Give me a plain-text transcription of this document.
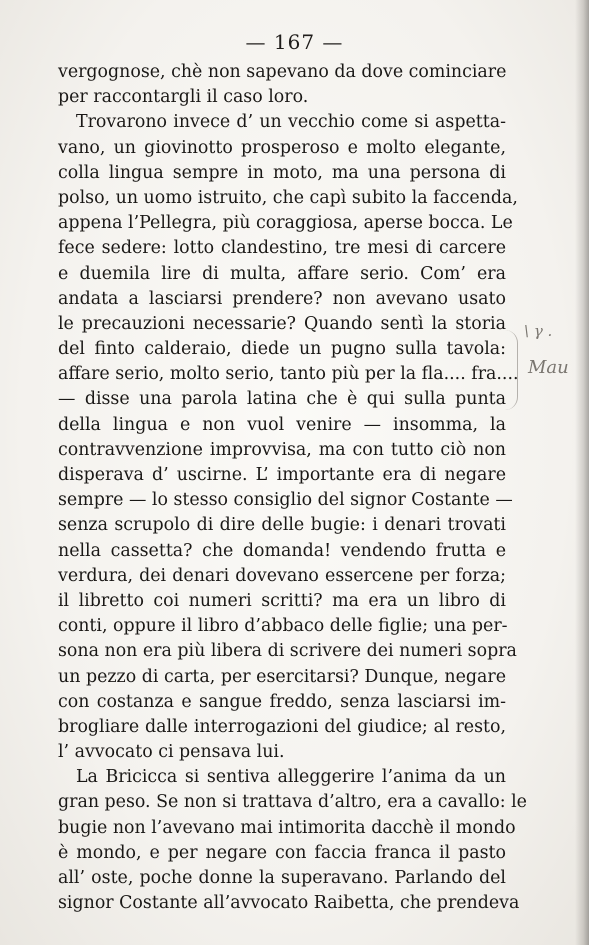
— 167 —
vergognose, chè non sapevano da dove cominciare
per raccontargli il caso loro.
Trovarono invece d’ un vecchio come si aspetta-
vano, un giovinotto prosperoso e molto elegante,
colla lingua sempre in moto, ma una persona di
polso, un uomo istruito, che capì subito la faccenda,
appena l’Pellegra, più coraggiosa, aperse bocca. Le
fece sedere: lotto clandestino, tre mesi di carcere
e duemila lire di multa, affare serio. Com’ era
andata a lasciarsi prendere? non avevano usato
le precauzioni necessarie? Quando sentì la storia
del finto calderaio, diede un pugno sulla tavola:
affare serio, molto serio, tanto più per la fla.... fra....
— disse una parola latina che è qui sulla punta
della lingua e non vuol venire — insomma, la
contravvenzione improvvisa, ma con tutto ciò non
disperava d’ uscirne. L’ importante era di negare
sempre — lo stesso consiglio del signor Costante —
senza scrupolo di dire delle bugie: i denari trovati
nella cassetta? che domanda! vendendo frutta e
verdura, dei denari dovevano essercene per forza;
il libretto coi numeri scritti? ma era un libro di
conti, oppure il libro d’abbaco delle figlie; una per-
sona non era più libera di scrivere dei numeri sopra
un pezzo di carta, per esercitarsi? Dunque, negare
con costanza e sangue freddo, senza lasciarsi im-
brogliare dalle interrogazioni del giudice; al resto,
l’ avvocato ci pensava lui.
La Bricicca si sentiva alleggerire l’anima da un
gran peso. Se non si trattava d’altro, era a cavallo: le
bugie non l’avevano mai intimorita dacchè il mondo
è mondo, e per negare con faccia franca il pasto
all’ oste, poche donne la superavano. Parlando del
signor Costante all’avvocato Raibetta, che prendeva
\ γ .
Mau
